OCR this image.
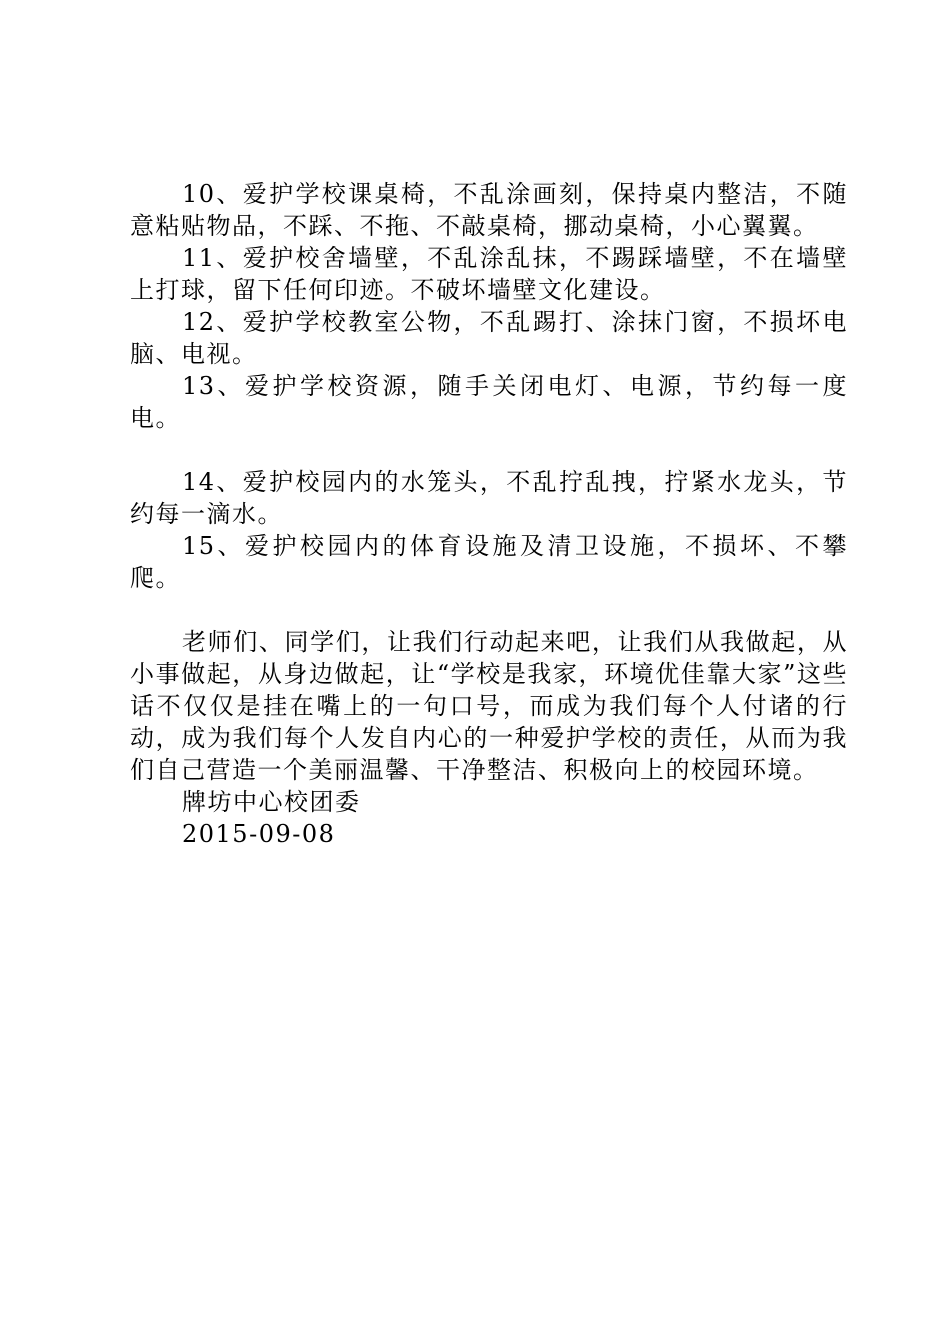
10、爱护学校课桌椅，不乱涂画刻，保持桌内整洁，不随意粘贴物品，不踩、不拖、不敲桌椅，挪动桌椅，小心翼翼。

11、爱护校舍墙壁，不乱涂乱抹，不踢踩墙壁，不在墙壁上打球，留下任何印迹。不破坏墙壁文化建设。

12、爱护学校教室公物，不乱踢打、涂抹门窗，不损坏电脑、电视。

13、爱护学校资源，随手关闭电灯、电源，节约每一度电。

14、爱护校园内的水笼头，不乱拧乱拽，拧紧水龙头，节约每一滴水。

15、爱护校园内的体育设施及清卫设施，不损坏、不攀爬。

老师们、同学们，让我们行动起来吧，让我们从我做起，从小事做起，从身边做起，让“学校是我家，环境优佳靠大家”这些话不仅仅是挂在嘴上的一句口号，而成为我们每个人付诸的行动，成为我们每个人发自内心的一种爱护学校的责任，从而为我们自己营造一个美丽温馨、干净整洁、积极向上的校园环境。

牌坊中心校团委

2015-09-08
